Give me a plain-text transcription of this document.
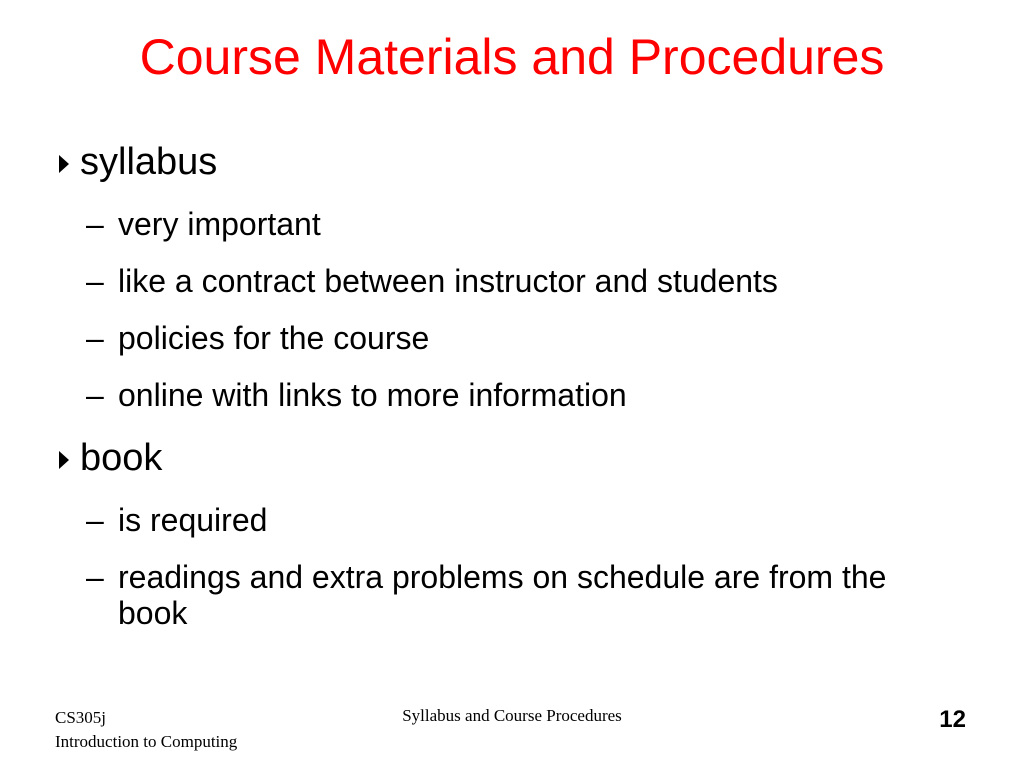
Course Materials and Procedures
syllabus
– very important
– like a contract between instructor and students
– policies for the course
– online with links to more information
book
– is required
– readings and extra problems on schedule are from the book
CS305j
Introduction to Computing
Syllabus and Course Procedures	12
